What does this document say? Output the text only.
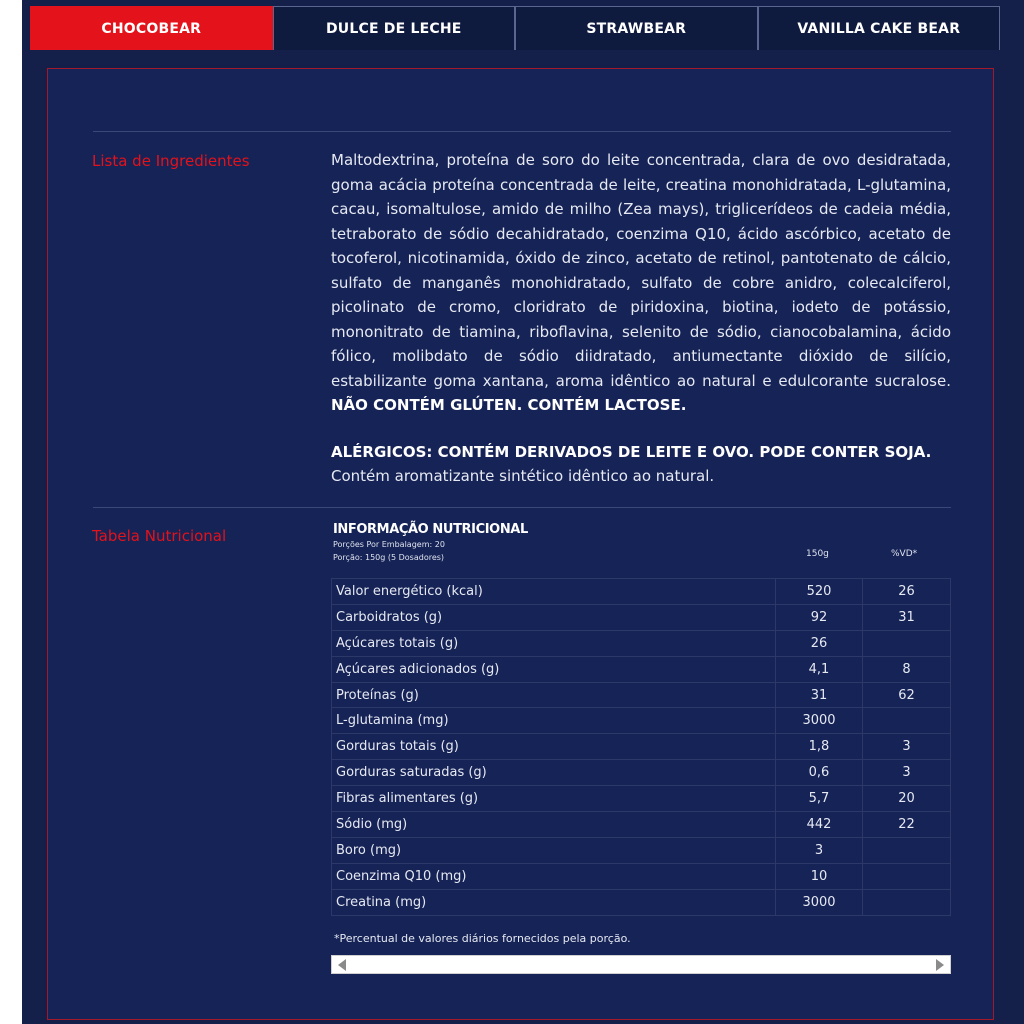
CHOCOBEAR	DULCE DE LECHE	STRAWBEAR	VANILLA CAKE BEAR
Lista de Ingredientes	Maltodextrina, proteína de soro do leite concentrada, clara de ovo desidratada, goma acácia proteína concentrada de leite, creatina monohidratada, L-glutamina, cacau, isomaltulose, amido de milho (Zea mays), triglicerídeos de cadeia média, tetraborato de sódio decahidratado, coenzima Q10, ácido ascórbico, acetato de tocoferol, nicotinamida, óxido de zinco, acetato de retinol, pantotenato de cálcio, sulfato de manganês monohidratado, sulfato de cobre anidro, colecalciferol, picolinato de cromo, cloridrato de piridoxina, biotina, iodeto de potássio, mononitrato de tiamina, riboflavina, selenito de sódio, cianocobalamina, ácido fólico, molibdato de sódio diidratado, antiumectante dióxido de silício, estabilizante goma xantana, aroma idêntico ao natural e edulcorante sucralose. NÃO CONTÉM GLÚTEN. CONTÉM LACTOSE.
ALÉRGICOS: CONTÉM DERIVADOS DE LEITE E OVO. PODE CONTER SOJA.
Contém aromatizante sintético idêntico ao natural.
Tabela Nutricional	INFORMAÇÃO NUTRICIONAL
Porções Por Embalagem: 20
Porção: 150g (5 Dosadores)	150g	%VD*
Valor energético (kcal)	520	26
Carboidratos (g)	92	31
Açúcares totais (g)	26	
Açúcares adicionados (g)	4,1	8
Proteínas (g)	31	62
L-glutamina (mg)	3000	
Gorduras totais (g)	1,8	3
Gorduras saturadas (g)	0,6	3
Fibras alimentares (g)	5,7	20
Sódio (mg)	442	22
Boro (mg)	3	
Coenzima Q10 (mg)	10	
Creatina (mg)	3000	
*Percentual de valores diários fornecidos pela porção.
